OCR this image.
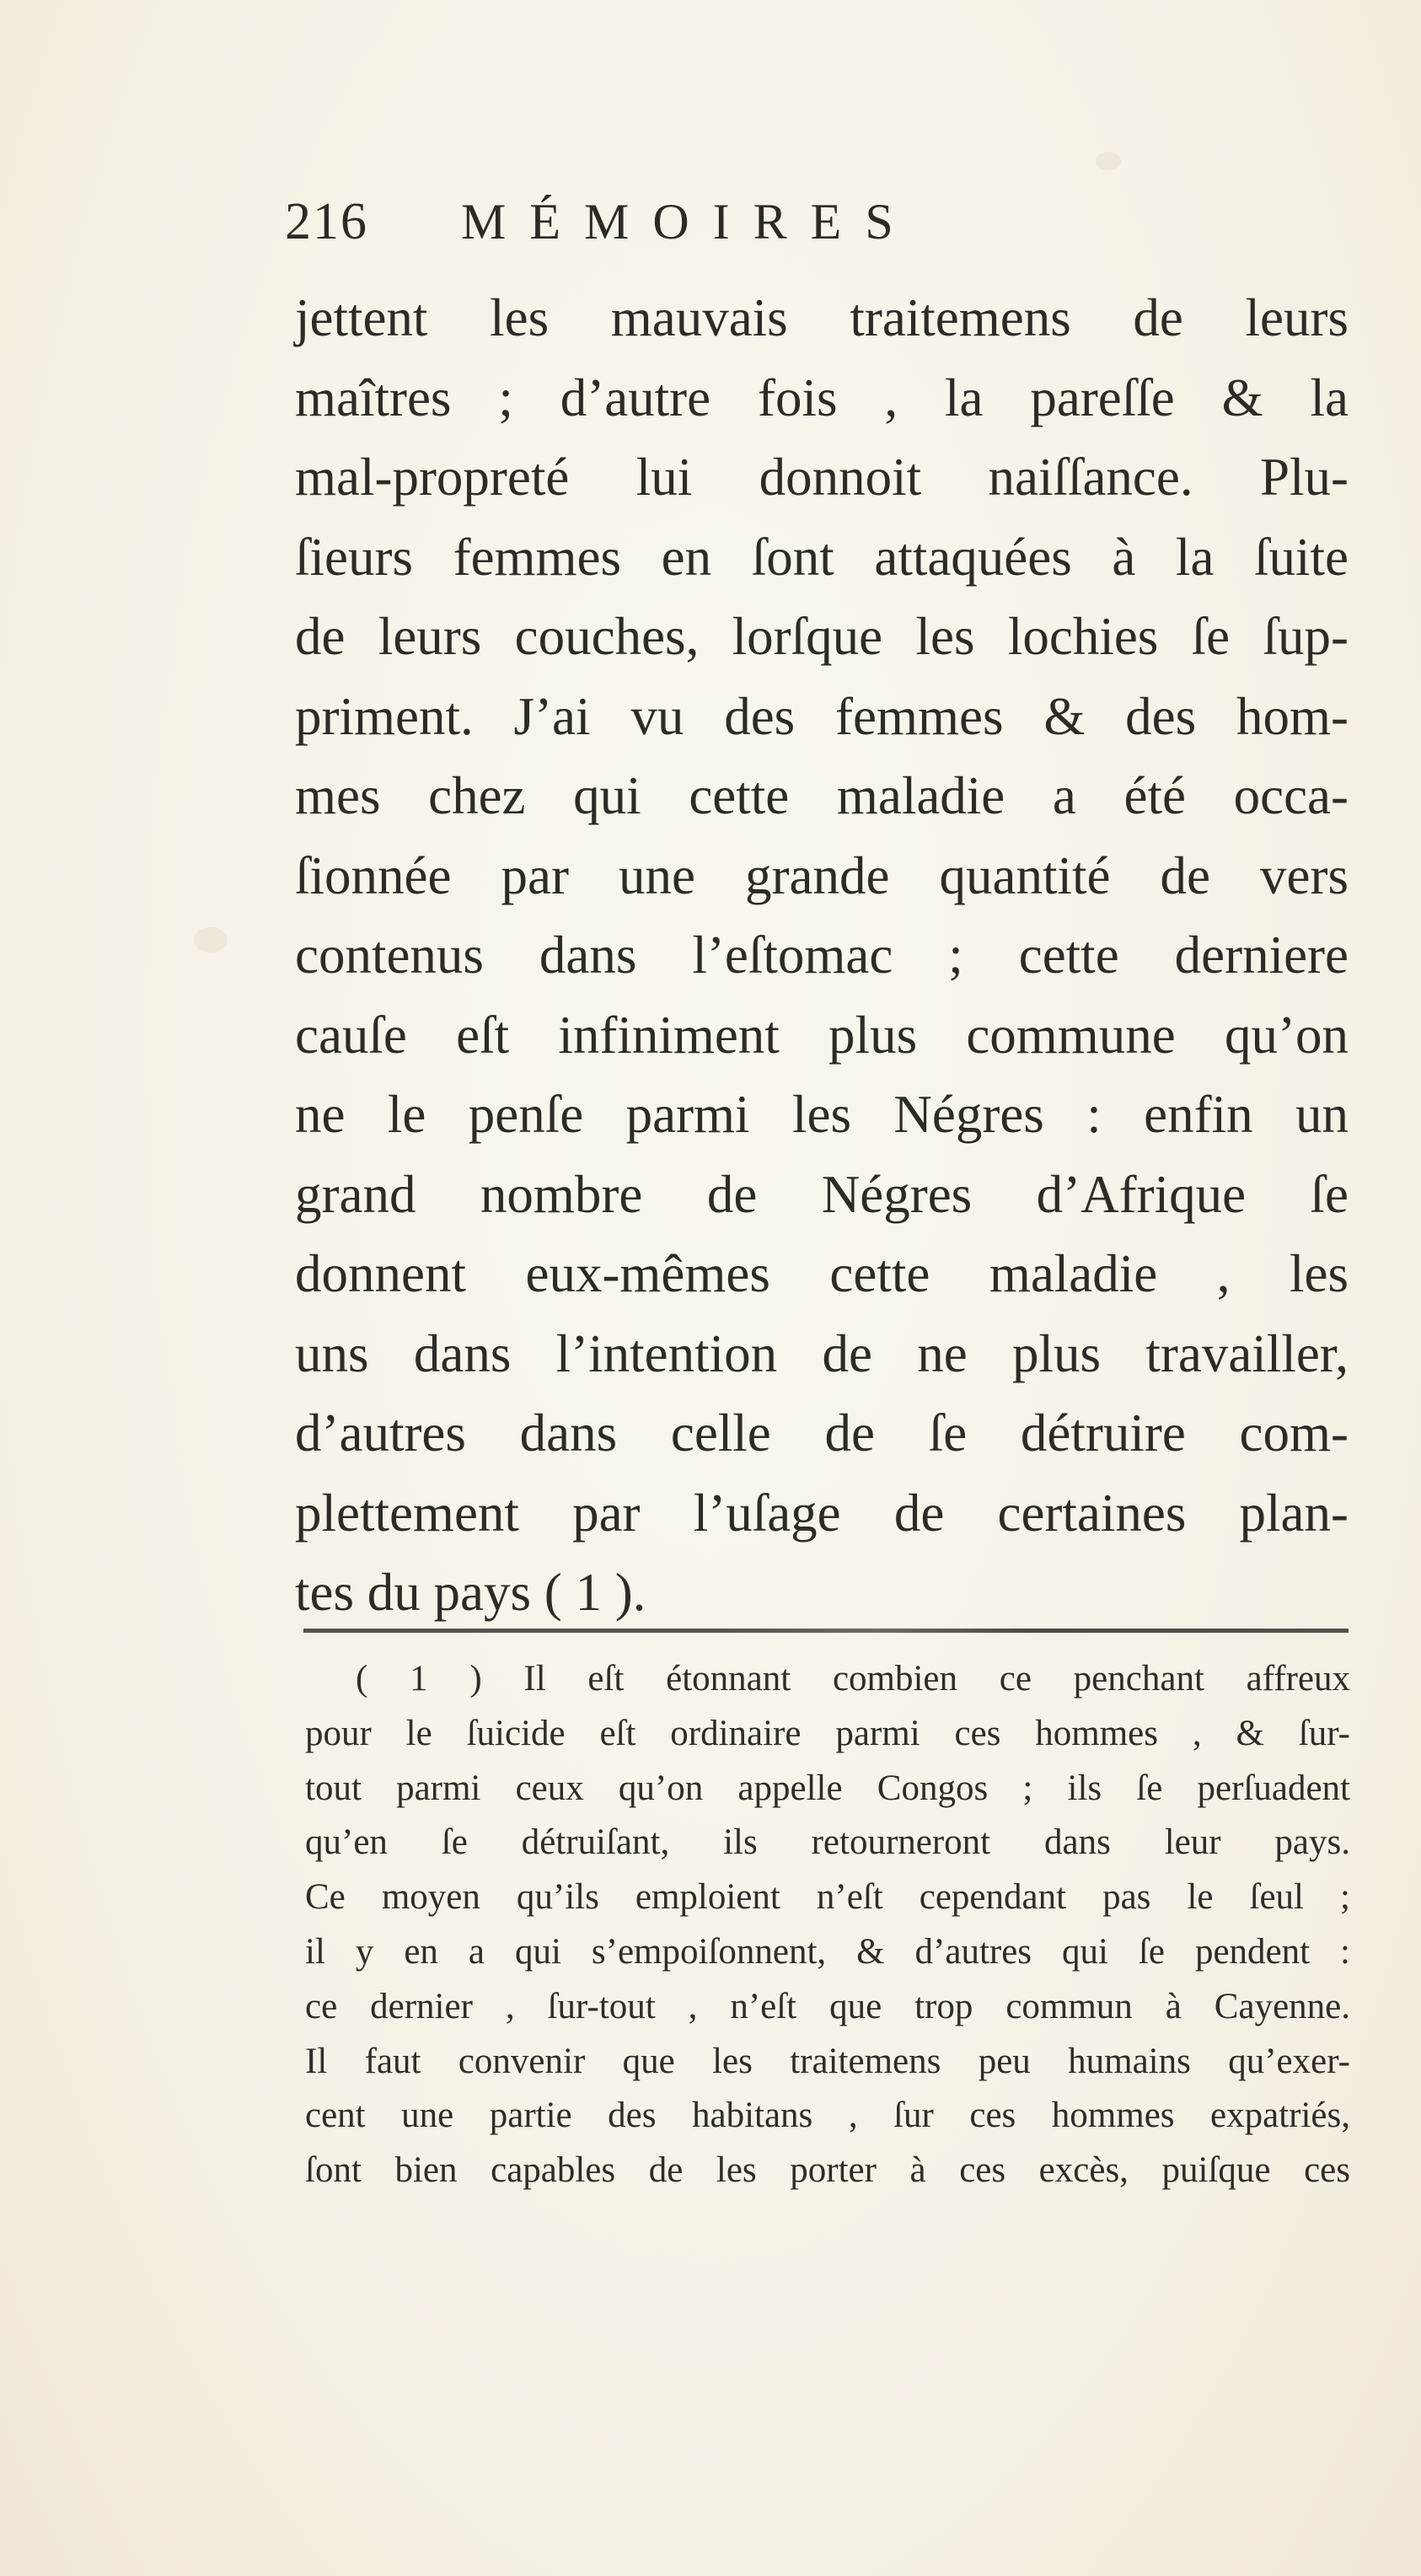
216 MÉMOIRES
jettent les mauvais traitemens de leurs
maîtres ; d’autre fois , la pareſſe & la
mal-propreté lui donnoit naiſſance. Plu-
ſieurs femmes en ſont attaquées à la ſuite
de leurs couches, lorſque les lochies ſe ſup-
priment. J’ai vu des femmes & des hom-
mes chez qui cette maladie a été occa-
ſionnée par une grande quantité de vers
contenus dans l’eſtomac ; cette derniere
cauſe eſt infiniment plus commune qu’on
ne le penſe parmi les Négres : enfin un
grand nombre de Négres d’Afrique ſe
donnent eux-mêmes cette maladie , les
uns dans l’intention de ne plus travailler,
d’autres dans celle de ſe détruire com-
plettement par l’uſage de certaines plan-
tes du pays ( 1 ).
( 1 ) Il eſt étonnant combien ce penchant affreux
pour le ſuicide eſt ordinaire parmi ces hommes , & ſur-
tout parmi ceux qu’on appelle Congos ; ils ſe perſuadent
qu’en ſe détruiſant, ils retourneront dans leur pays.
Ce moyen qu’ils emploient n’eſt cependant pas le ſeul ;
il y en a qui s’empoiſonnent, & d’autres qui ſe pendent :
ce dernier , ſur-tout , n’eſt que trop commun à Cayenne.
Il faut convenir que les traitemens peu humains qu’exer-
cent une partie des habitans , ſur ces hommes expatriés,
ſont bien capables de les porter à ces excès, puiſque ces
